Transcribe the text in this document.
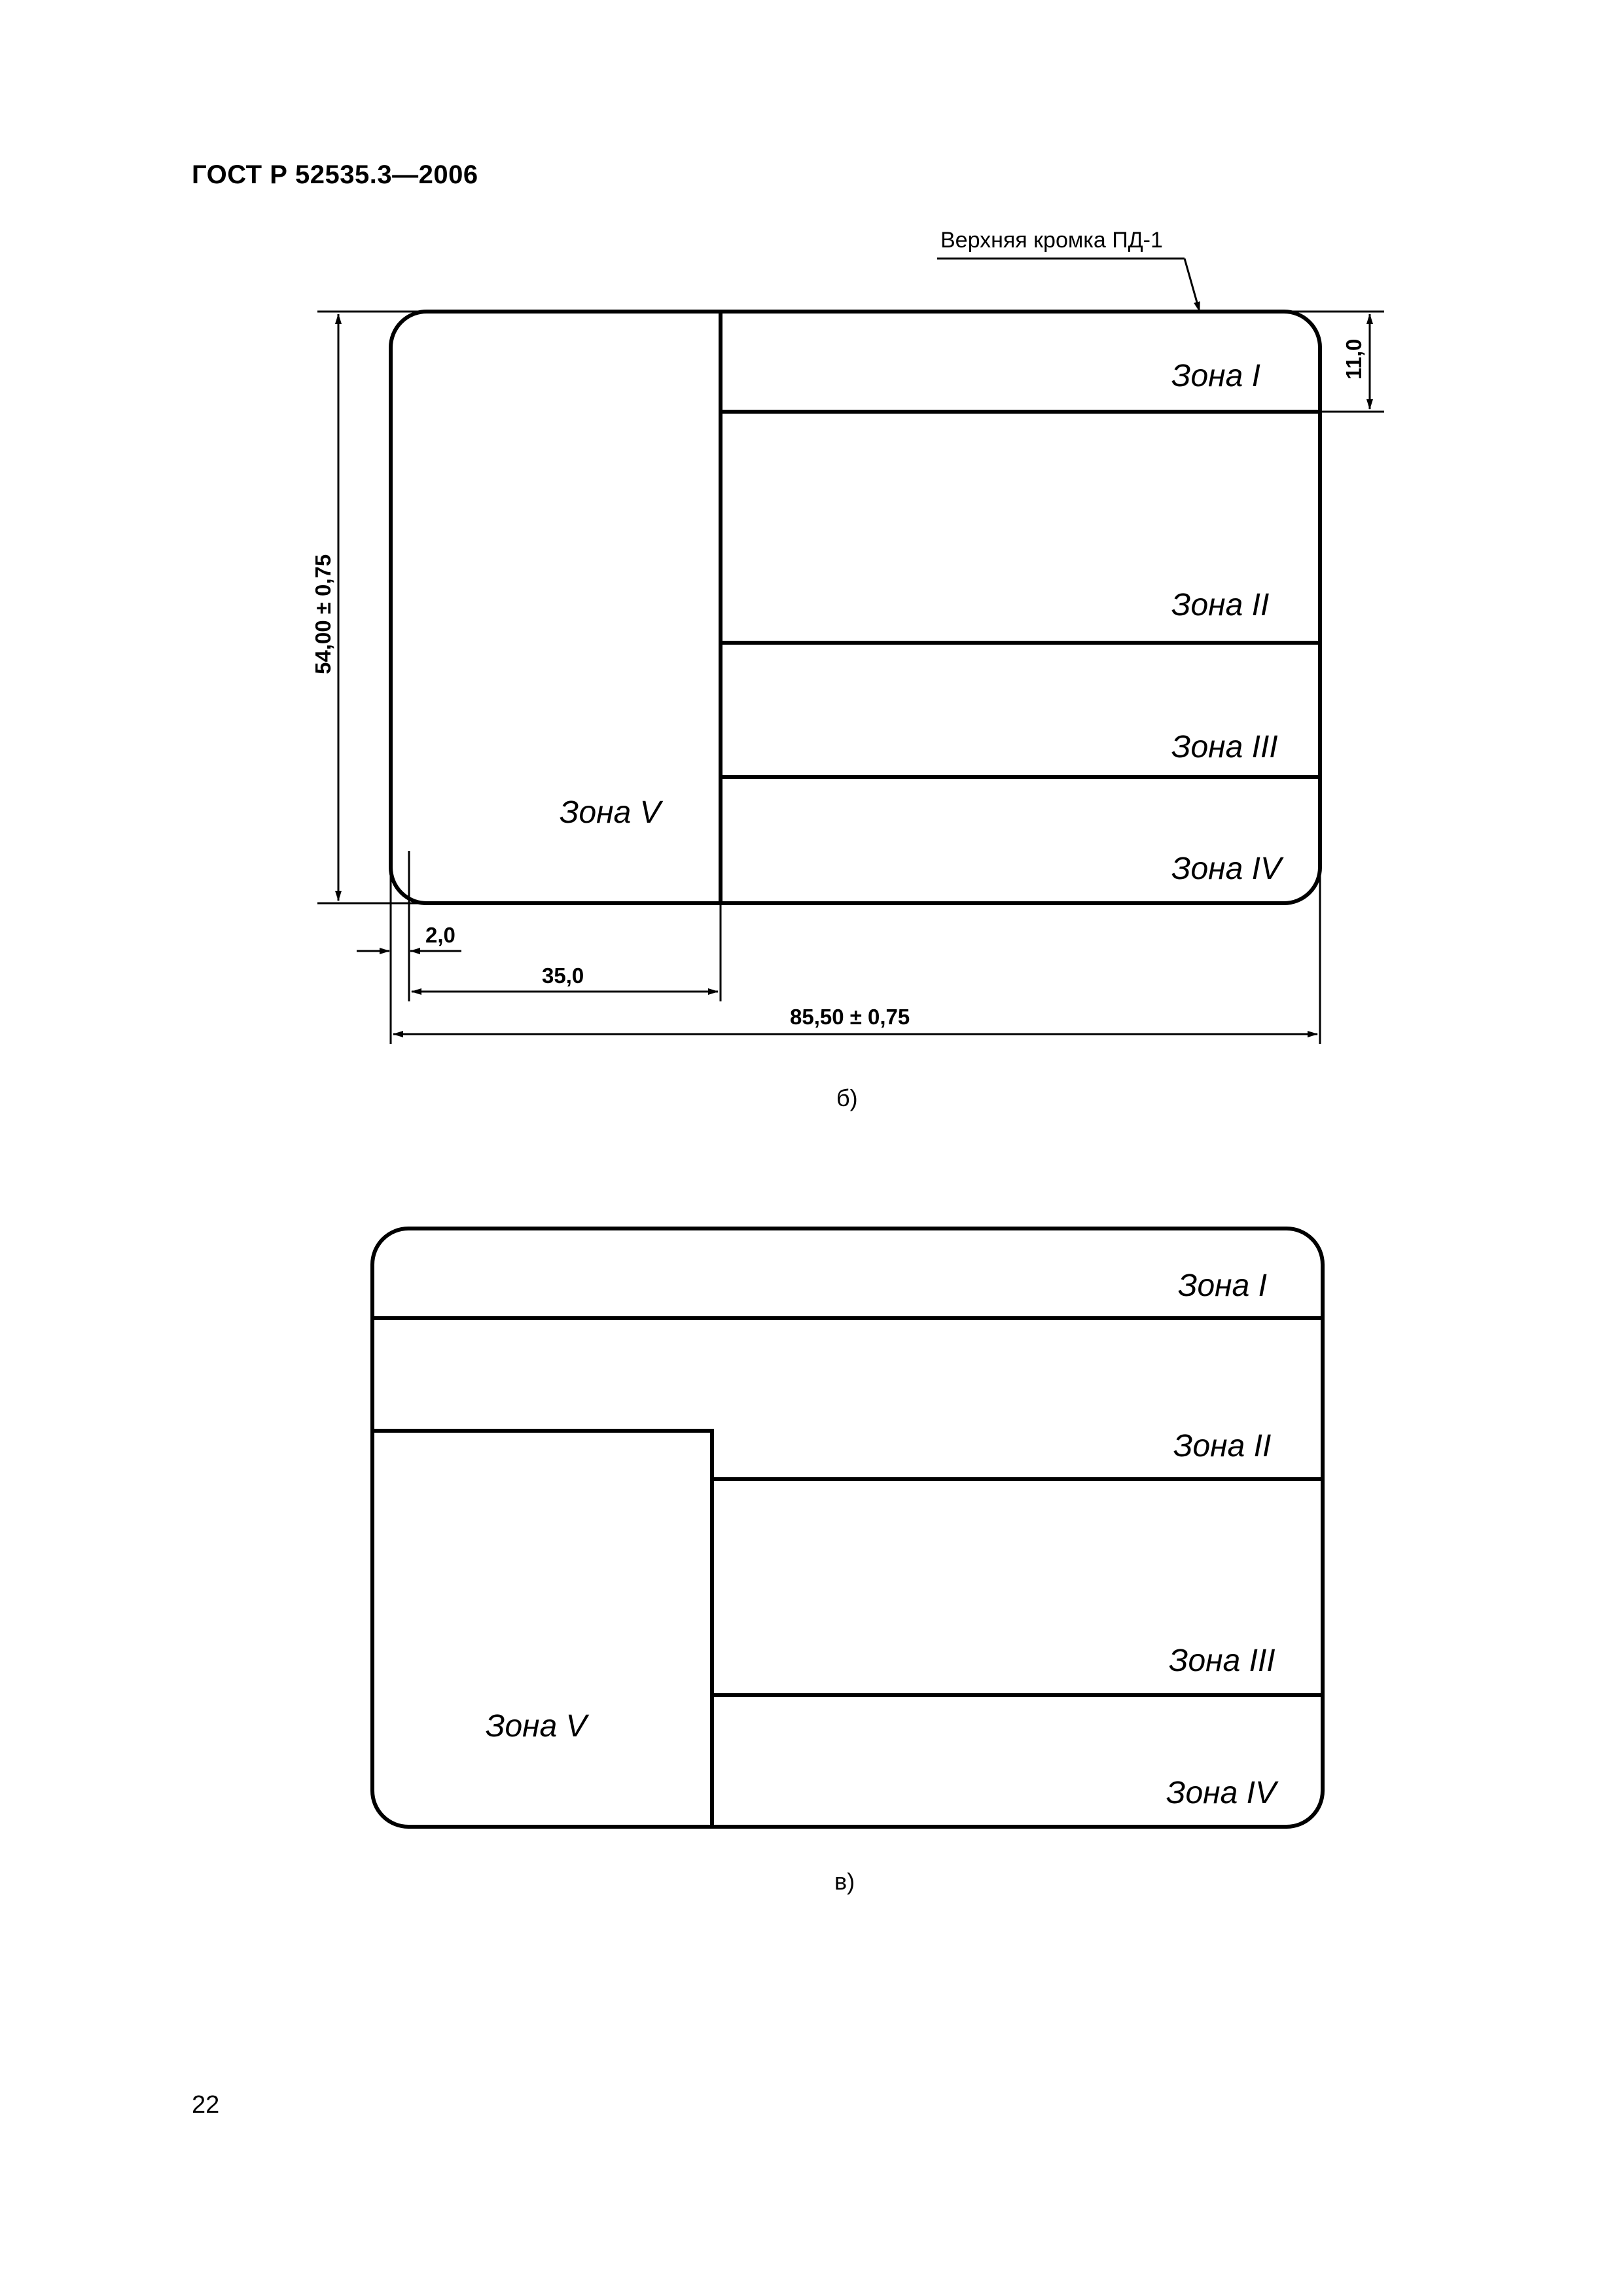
ГОСТ Р 52535.3—2006
Зона I
Зона II
Зона III
Зона IV
Зона V
Верхняя кромка ПД-1
54,00 ± 0,75
11,0
2,0
35,0
85,50 ± 0,75
б)
Зона I
Зона II
Зона III
Зона IV
Зона V
в)
22
